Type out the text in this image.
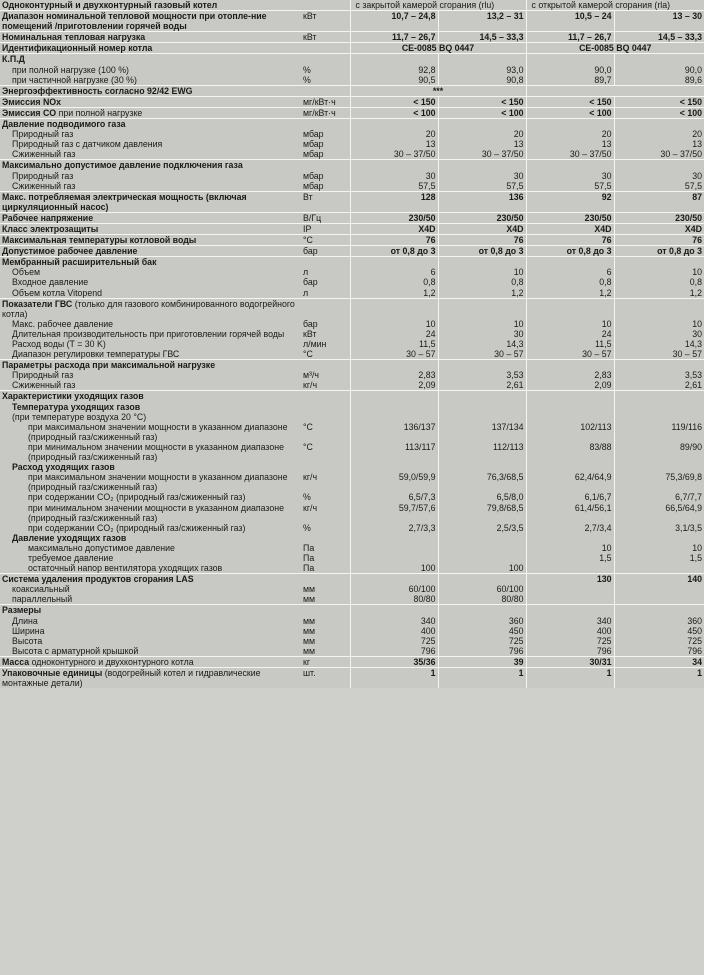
Одноконтурный и двухконтурный газовый котел		с закрытой камерой сгорания (rlu)		с открытой камерой сгорания (rla)	
Диапазон номинальной тепловой мощности при отопле-ние помещений /приготовлении горячей воды	кВт	10,7 – 24,8	13,2 – 31	10,5 – 24	13 – 30
Номинальная тепловая нагрузка	кВт	11,7 – 26,7	14,5 – 33,3	11,7 – 26,7	14,5 – 33,3
Идентификационный номер котла		CE-0085 BQ 0447		CE-0085 BQ 0447	
К.П.Д					
при полной нагрузке (100 %)	%	92,8	93,0	90,0	90,0
при частичной нагрузке (30 %)	%	90,5	90,8	89,7	89,6
Энергоэффективность согласно 92/42 EWG		***			
Эмиссия NOx	мг/кВт·ч	< 150	< 150	< 150	< 150
Эмиссия CO при полной нагрузке	мг/кВт·ч	< 100	< 100	< 100	< 100
Давление подводимого газа					
Природный газ	мбар	20	20	20	20
Природный газ с датчиком давления	мбар	13	13	13	13
Сжиженный газ	мбар	30 – 37/50	30 – 37/50	30 – 37/50	30 – 37/50
Максимально допустимое давление подключения газа					
Природный газ	мбар	30	30	30	30
Сжиженный газ	мбар	57,5	57,5	57,5	57,5
Макс. потребляемая электрическая мощность (включая циркуляционный насос)	Вт	128	136	92	87
Рабочее напряжение	В/Гц	230/50	230/50	230/50	230/50
Класс электрозащиты	IP	X4D	X4D	X4D	X4D
Максимальная температуры котловой воды	°C	76	76	76	76
Допустимое рабочее давление	бар	от 0,8 до 3	от 0,8 до 3	от 0,8 до 3	от 0,8 до 3
Мембранный расширительный бак					
Объем	л	6	10	6	10
Входное давление	бар	0,8	0,8	0,8	0,8
Объем котла Vitopend	л	1,2	1,2	1,2	1,2
Показатели ГВС (только для газового комбинированного водогрейного котла)					
Макс. рабочее давление	бар	10	10	10	10
Длительная производительность при приготовлении горячей воды	кВт	24	30	24	30
Расход воды (T = 30 K)	л/мин	11,5	14,3	11,5	14,3
Диапазон регулировки температуры ГВС	°C	30 – 57	30 – 57	30 – 57	30 – 57
Параметры расхода при максимальной нагрузке					
Природный газ	м³/ч	2,83	3,53	2,83	3,53
Сжиженный газ	кг/ч	2,09	2,61	2,09	2,61
Характеристики уходящих газов					
Температура уходящих газов
(при температуре воздуха 20 °C)					
при максимальном значении мощности в указанном диапазоне (природный газ/сжиженный газ)	°C	136/137	137/134	102/113	119/116
при минимальном значении мощности в указанном диапазоне (природный газ/сжиженный газ)	°C	113/117	112/113	83/88	89/90
Расход уходящих газов					
при максимальном значении мощности в указанном диапазоне (природный газ/сжиженный газ)	кг/ч	59,0/59,9	76,3/68,5	62,4/64,9	75,3/69,8
при содержании CO₂ (природный газ/сжиженный газ)	%	6,5/7,3	6,5/8,0	6,1/6,7	6,7/7,7
при минимальном значении мощности в указанном диапазоне (природный газ/сжиженный газ)	кг/ч	59,7/57,6	79,8/68,5	61,4/56,1	66,5/64,9
при содержании CO₂ (природный газ/сжиженный газ)	%	2,7/3,3	2,5/3,5	2,7/3,4	3,1/3,5
Давление уходящих газов					
максимально допустимое давление	Па			10	10
требуемое давление	Па			1,5	1,5
остаточный напор вентилятора уходящих газов	Па	100	100		
Система удаления продуктов сгорания LAS				130	140
коаксиальный	мм	60/100	60/100		
параллельный	мм	80/80	80/80		
Размеры					
Длина	мм	340	360	340	360
Ширина	мм	400	450	400	450
Высота	мм	725	725	725	725
Высота с арматурной крышкой	мм	796	796	796	796
Масса одноконтурного и двухконтурного котла	кг	35/36	39	30/31	34
Упаковочные единицы (водогрейный котел и гидравлические монтажные детали)	шт.	1	1	1	1
